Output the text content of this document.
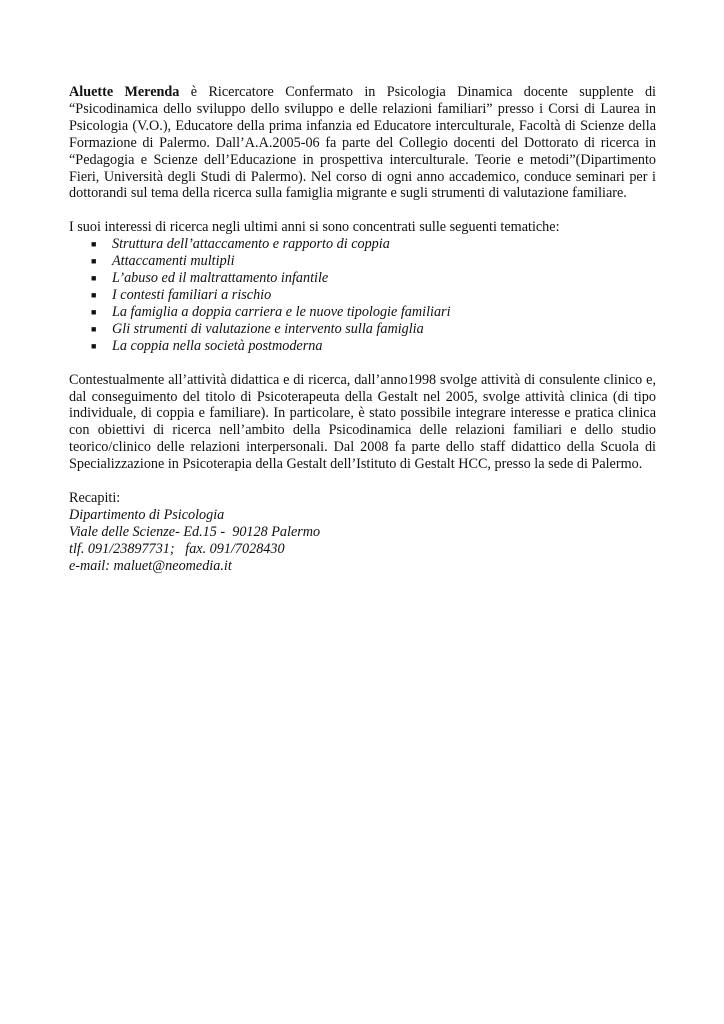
Aluette Merenda è Ricercatore Confermato in Psicologia Dinamica docente supplente di “Psicodinamica dello sviluppo dello sviluppo e delle relazioni familiari” presso i Corsi di Laurea in Psicologia (V.O.), Educatore della prima infanzia ed Educatore interculturale, Facoltà di Scienze della Formazione di Palermo. Dall’A.A.2005-06 fa parte del Collegio docenti del Dottorato di ricerca in “Pedagogia e Scienze dell’Educazione in prospettiva interculturale. Teorie e metodi”(Dipartimento Fieri, Università degli Studi di Palermo). Nel corso di ogni anno accademico, conduce seminari per i dottorandi sul tema della ricerca sulla famiglia migrante e sugli strumenti di valutazione familiare.

I suoi interessi di ricerca negli ultimi anni si sono concentrati sulle seguenti tematiche:

■ Struttura dell’attaccamento e rapporto di coppia
■ Attaccamenti multipli
■ L’abuso ed il maltrattamento infantile
■ I contesti familiari a rischio
■ La famiglia a doppia carriera e le nuove tipologie familiari
■ Gli strumenti di valutazione e intervento sulla famiglia
■ La coppia nella società postmoderna

Contestualmente all’attività didattica e di ricerca, dall’anno1998 svolge attività di consulente clinico e, dal conseguimento del titolo di Psicoterapeuta della Gestalt nel 2005, svolge attività clinica (di tipo individuale, di coppia e familiare). In particolare, è stato possibile integrare interesse e pratica clinica con obiettivi di ricerca nell’ambito della Psicodinamica delle relazioni familiari e dello studio teorico/clinico delle relazioni interpersonali. Dal 2008 fa parte dello staff didattico della Scuola di Specializzazione in Psicoterapia della Gestalt dell’Istituto di Gestalt HCC, presso la sede di Palermo.

Recapiti:
Dipartimento di Psicologia
Viale delle Scienze- Ed.15 -  90128 Palermo
tlf. 091/23897731;   fax. 091/7028430
e-mail: maluet@neomedia.it
